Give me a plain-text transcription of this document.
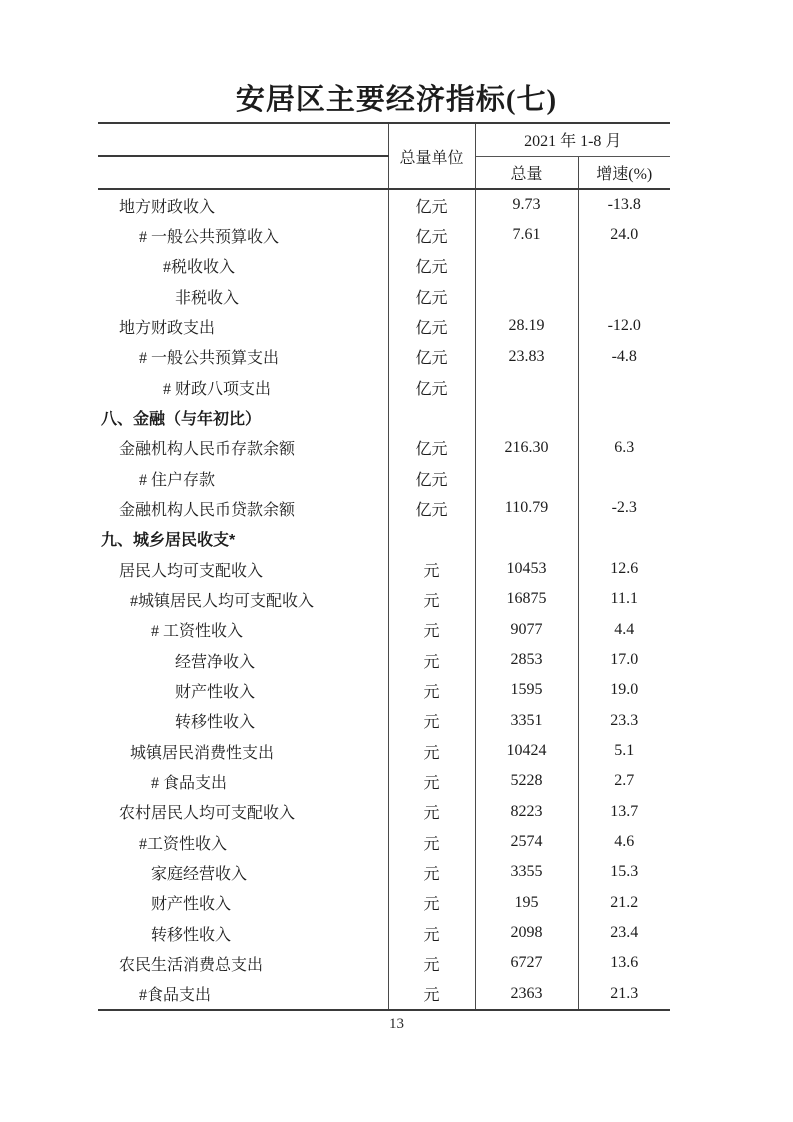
安居区主要经济指标(七)
	总量单位	2021 年 1-8 月	
		总量	增速(%)
地方财政收入	亿元	9.73	-13.8
# 一般公共预算收入	亿元	7.61	24.0
#税收收入	亿元		
非税收入	亿元		
地方财政支出	亿元	28.19	-12.0
# 一般公共预算支出	亿元	23.83	-4.8
# 财政八项支出	亿元		
八、金融（与年初比）			
金融机构人民币存款余额	亿元	216.30	6.3
# 住户存款	亿元		
金融机构人民币贷款余额	亿元	110.79	-2.3
九、城乡居民收支*			
居民人均可支配收入	元	10453	12.6
#城镇居民人均可支配收入	元	16875	11.1
# 工资性收入	元	9077	4.4
经营净收入	元	2853	17.0
财产性收入	元	1595	19.0
转移性收入	元	3351	23.3
城镇居民消费性支出	元	10424	5.1
# 食品支出	元	5228	2.7
农村居民人均可支配收入	元	8223	13.7
#工资性收入	元	2574	4.6
家庭经营收入	元	3355	15.3
财产性收入	元	195	21.2
转移性收入	元	2098	23.4
农民生活消费总支出	元	6727	13.6
#食品支出	元	2363	21.3
13
